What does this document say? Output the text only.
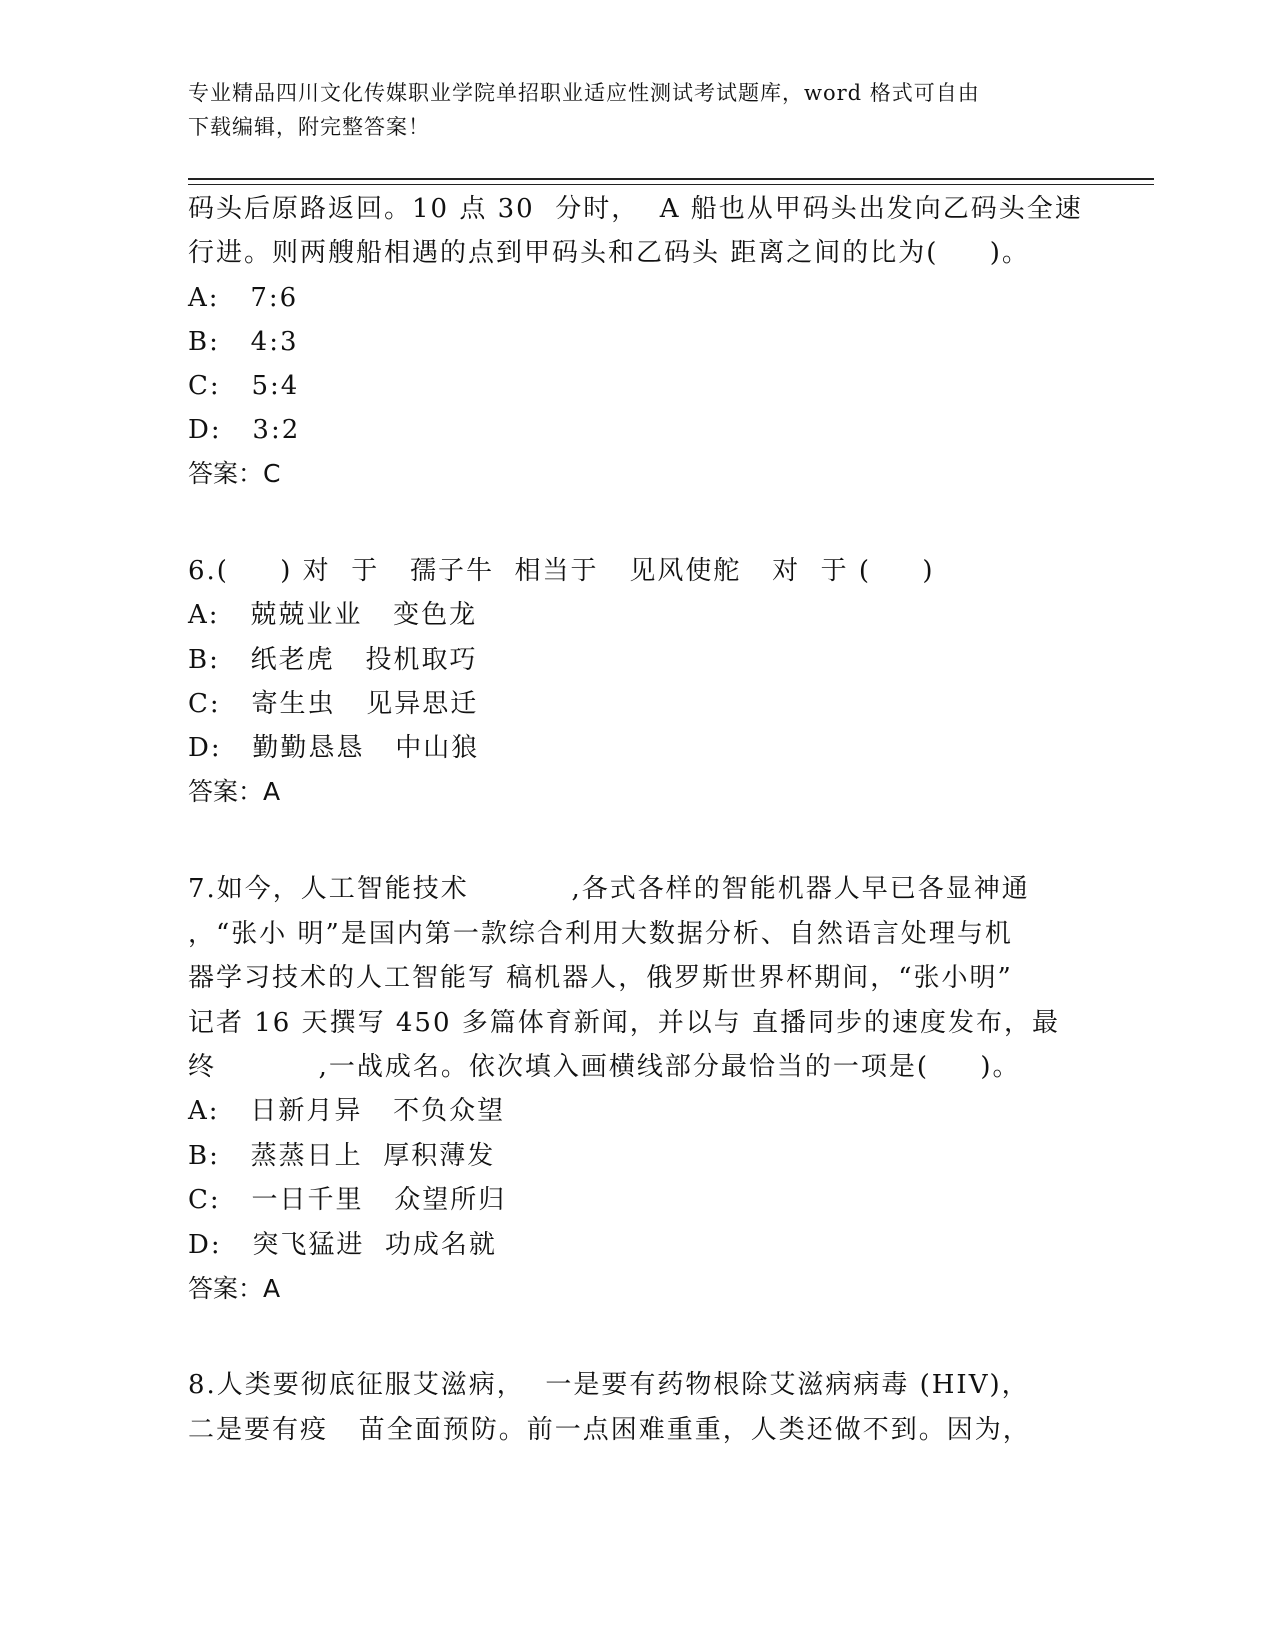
专业精品四川文化传媒职业学院单招职业适应性测试考试题库，word 格式可自由
下载编辑，附完整答案！
码头后原路返回。10 点 30  分时，  A 船也从甲码头出发向乙码头全速
行进。则两艘船相遇的点到甲码头和乙码头 距离之间的比为(     )。
A:   7:6
B:   4:3
C:   5:4
D:   3:2
答案：C
6.(     ) 对  于   孺子牛  相当于   见风使舵   对  于 (     )
A:   兢兢业业   变色龙
B:   纸老虎   投机取巧
C:   寄生虫   见异思迁
D:   勤勤恳恳   中山狼
答案：A
7.如今，人工智能技术          ,各式各样的智能机器人早已各显神通
，“张小 明”是国内第一款综合利用大数据分析、自然语言处理与机
器学习技术的人工智能写 稿机器人，俄罗斯世界杯期间，“张小明”
记者 16 天撰写 450 多篇体育新闻，并以与 直播同步的速度发布，最
终          ,一战成名。依次填入画横线部分最恰当的一项是(     )。
A:   日新月异   不负众望
B:   蒸蒸日上  厚积薄发
C:   一日千里   众望所归
D:   突飞猛进  功成名就
答案：A
8.人类要彻底征服艾滋病，  一是要有药物根除艾滋病病毒 (HIV)，
二是要有疫   苗全面预防。前一点困难重重，人类还做不到。因为，
